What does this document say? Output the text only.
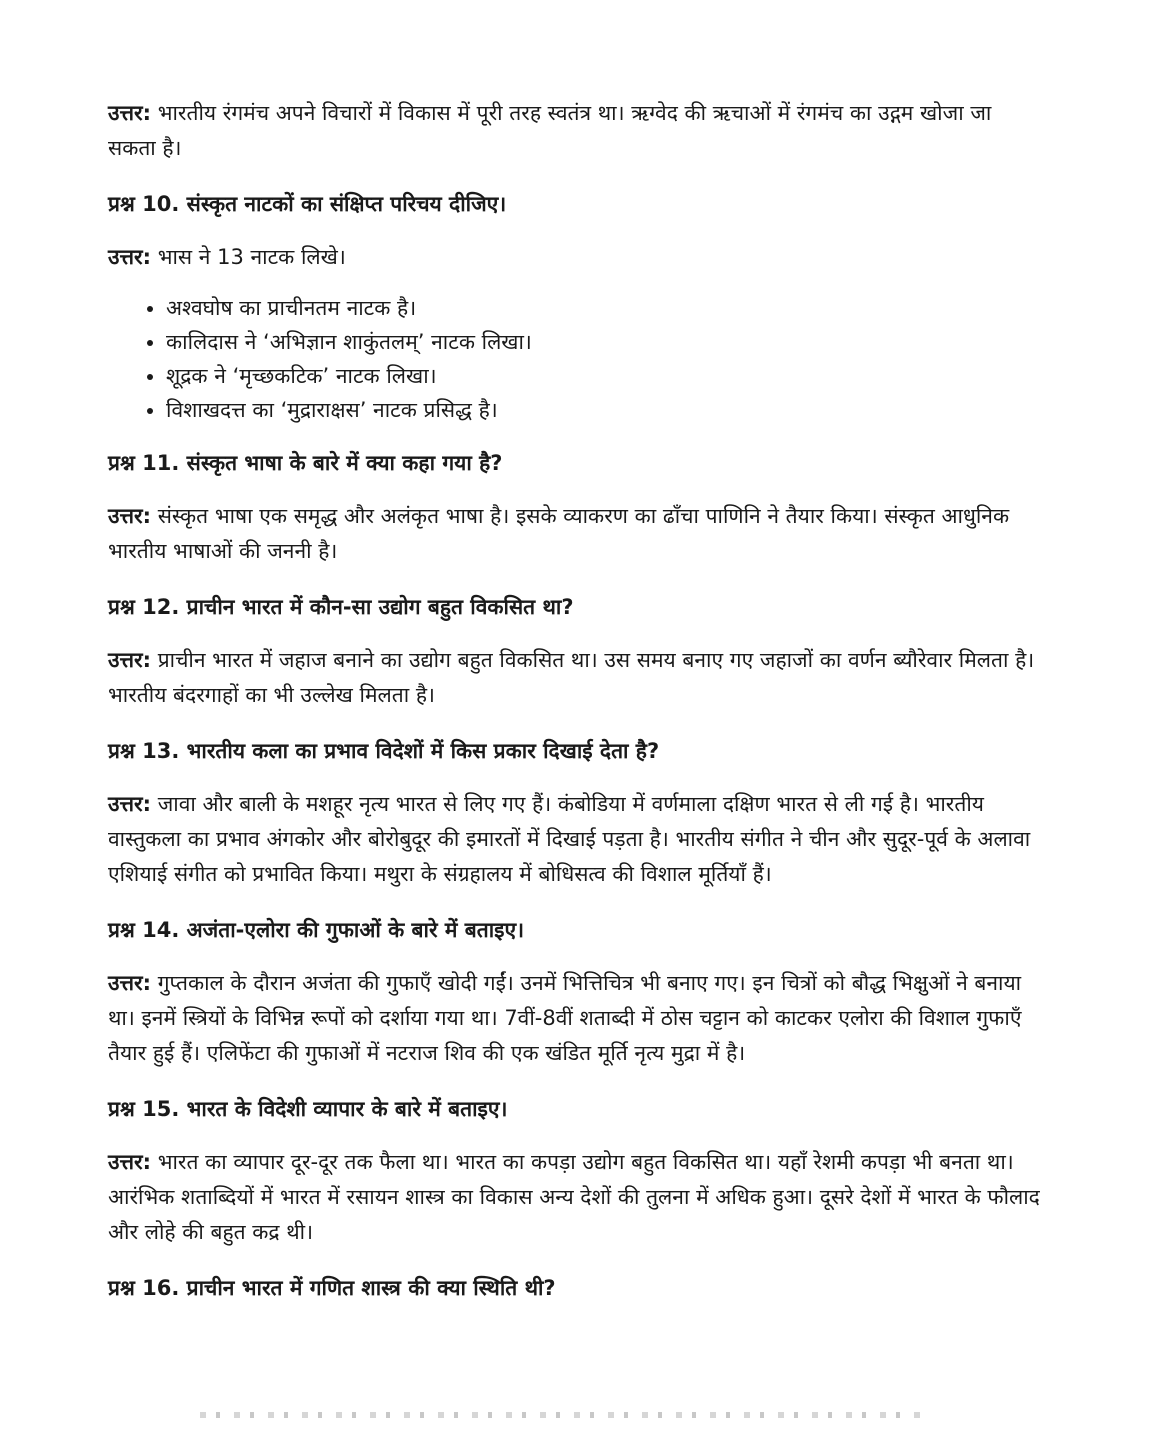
उत्तर: भारतीय रंगमंच अपने विचारों में विकास में पूरी तरह स्वतंत्र था। ऋग्वेद की ऋचाओं में रंगमंच का उद्गम खोजा जा सकता है।

प्रश्न 10. संस्कृत नाटकों का संक्षिप्त परिचय दीजिए।

उत्तर: भास ने 13 नाटक लिखे।

• अश्वघोष का प्राचीनतम नाटक है।
• कालिदास ने ‘अभिज्ञान शाकुंतलम्’ नाटक लिखा।
• शूद्रक ने ‘मृच्छकटिक’ नाटक लिखा।
• विशाखदत्त का ‘मुद्राराक्षस’ नाटक प्रसिद्ध है।
प्रश्न 11. संस्कृत भाषा के बारे में क्या कहा गया है?

उत्तर: संस्कृत भाषा एक समृद्ध और अलंकृत भाषा है। इसके व्याकरण का ढाँचा पाणिनि ने तैयार किया। संस्कृत आधुनिक भारतीय भाषाओं की जननी है।

प्रश्न 12. प्राचीन भारत में कौन-सा उद्योग बहुत विकसित था?

उत्तर: प्राचीन भारत में जहाज बनाने का उद्योग बहुत विकसित था। उस समय बनाए गए जहाजों का वर्णन ब्यौरेवार मिलता है। भारतीय बंदरगाहों का भी उल्लेख मिलता है।

प्रश्न 13. भारतीय कला का प्रभाव विदेशों में किस प्रकार दिखाई देता है?

उत्तर: जावा और बाली के मशहूर नृत्य भारत से लिए गए हैं। कंबोडिया में वर्णमाला दक्षिण भारत से ली गई है। भारतीय वास्तुकला का प्रभाव अंगकोर और बोरोबुदूर की इमारतों में दिखाई पड़ता है। भारतीय संगीत ने चीन और सुदूर-पूर्व के अलावा एशियाई संगीत को प्रभावित किया। मथुरा के संग्रहालय में बोधिसत्व की विशाल मूर्तियाँ हैं।

प्रश्न 14. अजंता-एलोरा की गुफाओं के बारे में बताइए।

उत्तर: गुप्तकाल के दौरान अजंता की गुफाएँ खोदी गईं। उनमें भित्तिचित्र भी बनाए गए। इन चित्रों को बौद्ध भिक्षुओं ने बनाया था। इनमें स्त्रियों के विभिन्न रूपों को दर्शाया गया था। 7वीं-8वीं शताब्दी में ठोस चट्टान को काटकर एलोरा की विशाल गुफाएँ तैयार हुई हैं। एलिफेंटा की गुफाओं में नटराज शिव की एक खंडित मूर्ति नृत्य मुद्रा में है।

प्रश्न 15. भारत के विदेशी व्यापार के बारे में बताइए।

उत्तर: भारत का व्यापार दूर-दूर तक फैला था। भारत का कपड़ा उद्योग बहुत विकसित था। यहाँ रेशमी कपड़ा भी बनता था। आरंभिक शताब्दियों में भारत में रसायन शास्त्र का विकास अन्य देशों की तुलना में अधिक हुआ। दूसरे देशों में भारत के फौलाद और लोहे की बहुत कद्र थी।

प्रश्न 16. प्राचीन भारत में गणित शास्त्र की क्या स्थिति थी?
